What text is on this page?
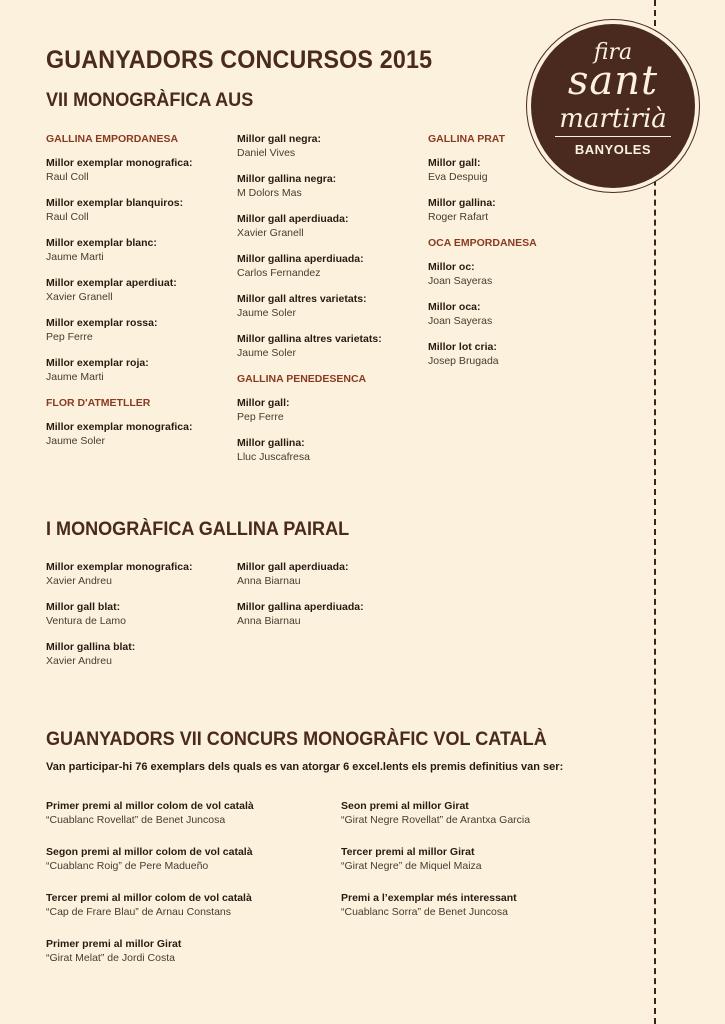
GUANYADORS CONCURSOS 2015	fira
sant
martirià
BANYOLES
VII MONOGRÀFICA AUS
GALLINA EMPORDANESA
Millor exemplar monografica:
Raul Coll
Millor exemplar blanquiros:
Raul Coll
Millor exemplar blanc:
Jaume Marti
Millor exemplar aperdiuat:
Xavier Granell
Millor exemplar rossa:
Pep Ferre
Millor exemplar roja:
Jaume Marti
FLOR D'ATMETLLER
Millor exemplar monografica:
Jaume Soler
Millor gall negra:
Daniel Vives
Millor gallina negra:
M Dolors Mas
Millor gall aperdiuada:
Xavier Granell
Millor gallina aperdiuada:
Carlos Fernandez
Millor gall altres varietats:
Jaume Soler
Millor gallina altres varietats:
Jaume Soler
GALLINA PENEDESENCA
Millor gall:
Pep Ferre
Millor gallina:
Lluc Juscafresa
GALLINA PRAT
Millor gall:
Eva Despuig
Millor gallina:
Roger Rafart
OCA EMPORDANESA
Millor oc:
Joan Sayeras
Millor oca:
Joan Sayeras
Millor lot cria:
Josep Brugada
I MONOGRÀFICA GALLINA PAIRAL
Millor exemplar monografica:
Xavier Andreu
Millor gall blat:
Ventura de Lamo
Millor gallina blat:
Xavier Andreu
Millor gall aperdiuada:
Anna Biarnau
Millor gallina aperdiuada:
Anna Biarnau
GUANYADORS VII CONCURS MONOGRÀFIC VOL CATALÀ
Van participar-hi 76 exemplars dels quals es van atorgar 6 excel.lents els premis definitius van ser:
Primer premi al millor colom de vol català
“Cuablanc Rovellat” de Benet Juncosa
Segon premi al millor colom de vol català
“Cuablanc Roig” de Pere Madueño
Tercer premi al millor colom de vol català
“Cap de Frare Blau” de Arnau Constans
Primer premi al millor Girat
“Girat Melat” de Jordi Costa
Seon premi al millor Girat
“Girat Negre Rovellat” de Arantxa Garcia
Tercer premi al millor Girat
“Girat Negre” de Miquel Maiza
Premi a l’exemplar més interessant
“Cuablanc Sorra” de Benet Juncosa
